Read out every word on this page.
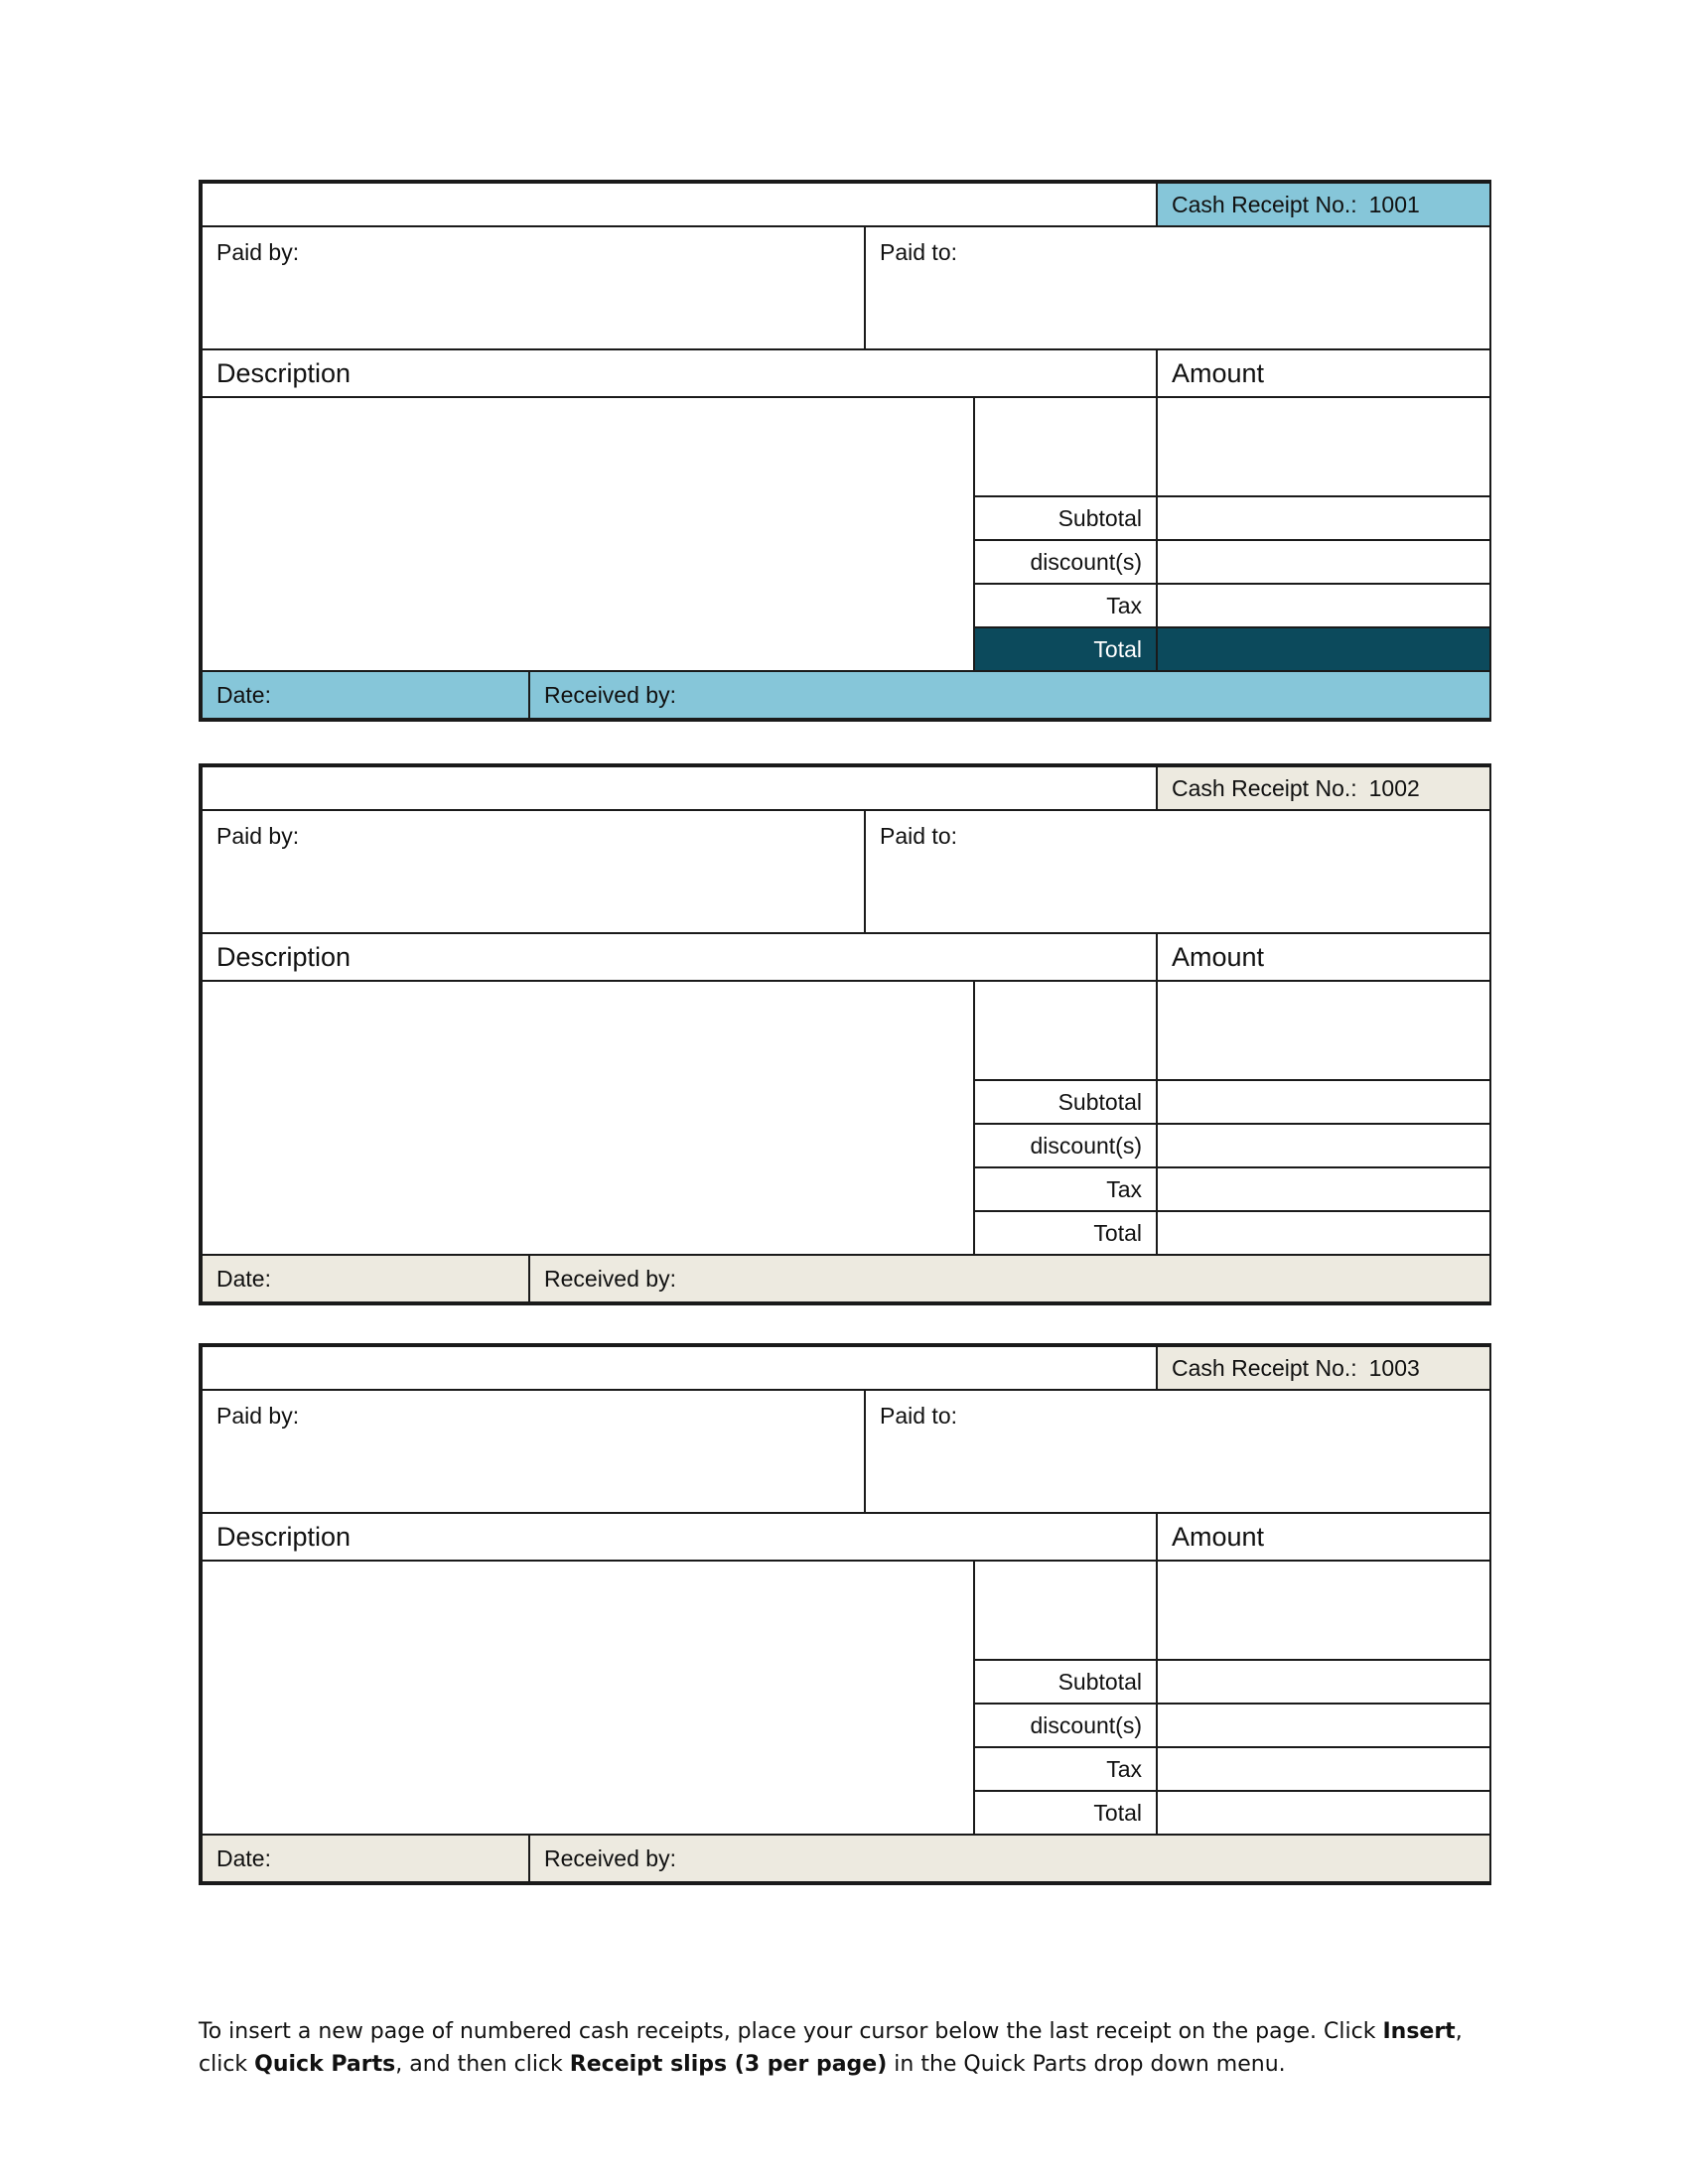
				Cash Receipt No.: 1001
Paid by:		Paid to:		
Description				Amount

			Subtotal	
			discount(s)	
			Tax	
			Total	
Date:	Received by:			
				Cash Receipt No.: 1002
Paid by:		Paid to:		
Description				Amount

			Subtotal	
			discount(s)	
			Tax	
			Total	
Date:	Received by:			
				Cash Receipt No.: 1003
Paid by:		Paid to:		
Description				Amount

			Subtotal	
			discount(s)	
			Tax	
			Total	
Date:	Received by:			
To insert a new page of numbered cash receipts, place your cursor below the last receipt on the page. Click Insert, click Quick Parts, and then click Receipt slips (3 per page) in the Quick Parts drop down menu.
